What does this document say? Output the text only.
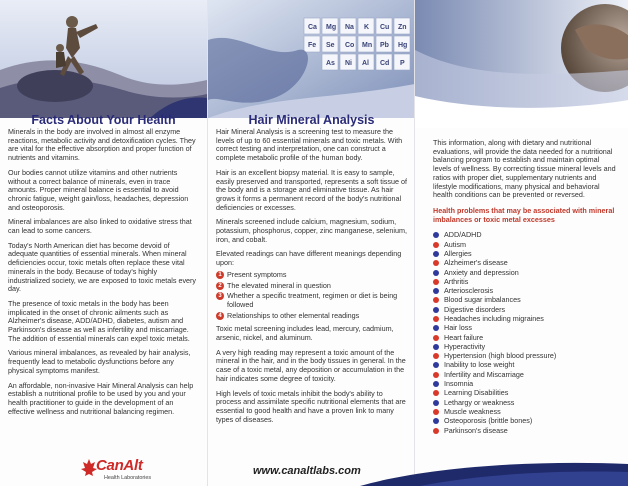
Facts About Your Health

Minerals in the body are involved in almost all enzyme reactions, metabolic activity and detoxification cycles. They are vital for the effective absorption and proper function of nutrients and vitamins.

Our bodies cannot utilize vitamins and other nutrients without a correct balance of minerals, even in trace amounts. Proper mineral balance is essential to avoid chronic fatigue, weight gain/loss, headaches, depression and osteoporosis.

Mineral imbalances are also linked to oxidative stress that can lead to some cancers.

Today's North American diet has become devoid of adequate quantities of essential minerals. When mineral deficiencies occur, toxic metals often replace these vital minerals in the body. Because of today's highly industrialized society, we are exposed to toxic metals every day.

The presence of toxic metals in the body has been implicated in the onset of chronic ailments such as Alzheimer's disease, ADD/ADHD, diabetes, autism and Parkinson's disease as well as infertility and miscarriage. The addition of essential minerals can expel toxic metals.

Various mineral imbalances, as revealed by hair analysis, frequently lead to metabolic dysfunctions before any physical symptoms manifest.

An affordable, non-invasive Hair Mineral Analysis can help establish a nutritional profile to be used by you and your health practitioner to guide in the development of an effective wellness and nutritional balancing regimen.

Ca Mg Na K Cu Zn
Fe Se Co Mn Pb Hg
As Ni Al Cd P
Hair Mineral Analysis

Hair Mineral Analysis is a screening test to measure the levels of up to 60 essential minerals and toxic metals. With correct testing and interpretation, one can construct a complete metabolic profile of the human body.

Hair is an excellent biopsy material. It is easy to sample, easily preserved and transported, represents a soft tissue of the body and is a storage and eliminative tissue. As hair grows it forms a permanent record of the body's nutritional deficiencies or excesses.

Minerals screened include calcium, magnesium, sodium, potassium, phosphorus, copper, zinc manganese, selenium, iron, and cobalt.

Elevated readings can have different meanings depending upon:

1 Present symptoms
2 The elevated mineral in question
3 Whether a specific treatment, regimen or diet is being followed
4 Relationships to other elemental readings

Toxic metal screening includes lead, mercury, cadmium, arsenic, nickel, and aluminum.

A very high reading may represent a toxic amount of the mineral in the hair, and in the body tissues in general. In the case of a toxic metal, any deposition or accumulation in the hair indicates some degree of toxicity.

High levels of toxic metals inhibit the body's ability to process and assimilate specific nutritional elements that are essential to good health and have a proven link to many types of diseases.

This information, along with dietary and nutritional evaluations, will provide the data needed for a nutritional balancing program to establish and maintain optimal levels of wellness. By correcting tissue mineral levels and ratios with proper diet, supplementary nutrients and lifestyle modifications, many physical and behavioral health conditions can be prevented or reversed.

Health problems that may be associated with mineral imbalances or toxic metal excesses

ADD/ADHD
Autism
Allergies
Alzheimer's disease
Anxiety and depression
Arthritis
Arteriosclerosis
Blood sugar imbalances
Digestive disorders
Headaches including migraines
Hair loss
Heart failure
Hyperactivity
Hypertension (high blood pressure)
Inability to lose weight
Infertility and Miscarriage
Insomnia
Learning Disabilities
Lethargy or weakness
Muscle weakness
Osteoporosis (brittle bones)
Parkinson's disease
CanAlt
Health Laboratories
www.canaltlabs.com
